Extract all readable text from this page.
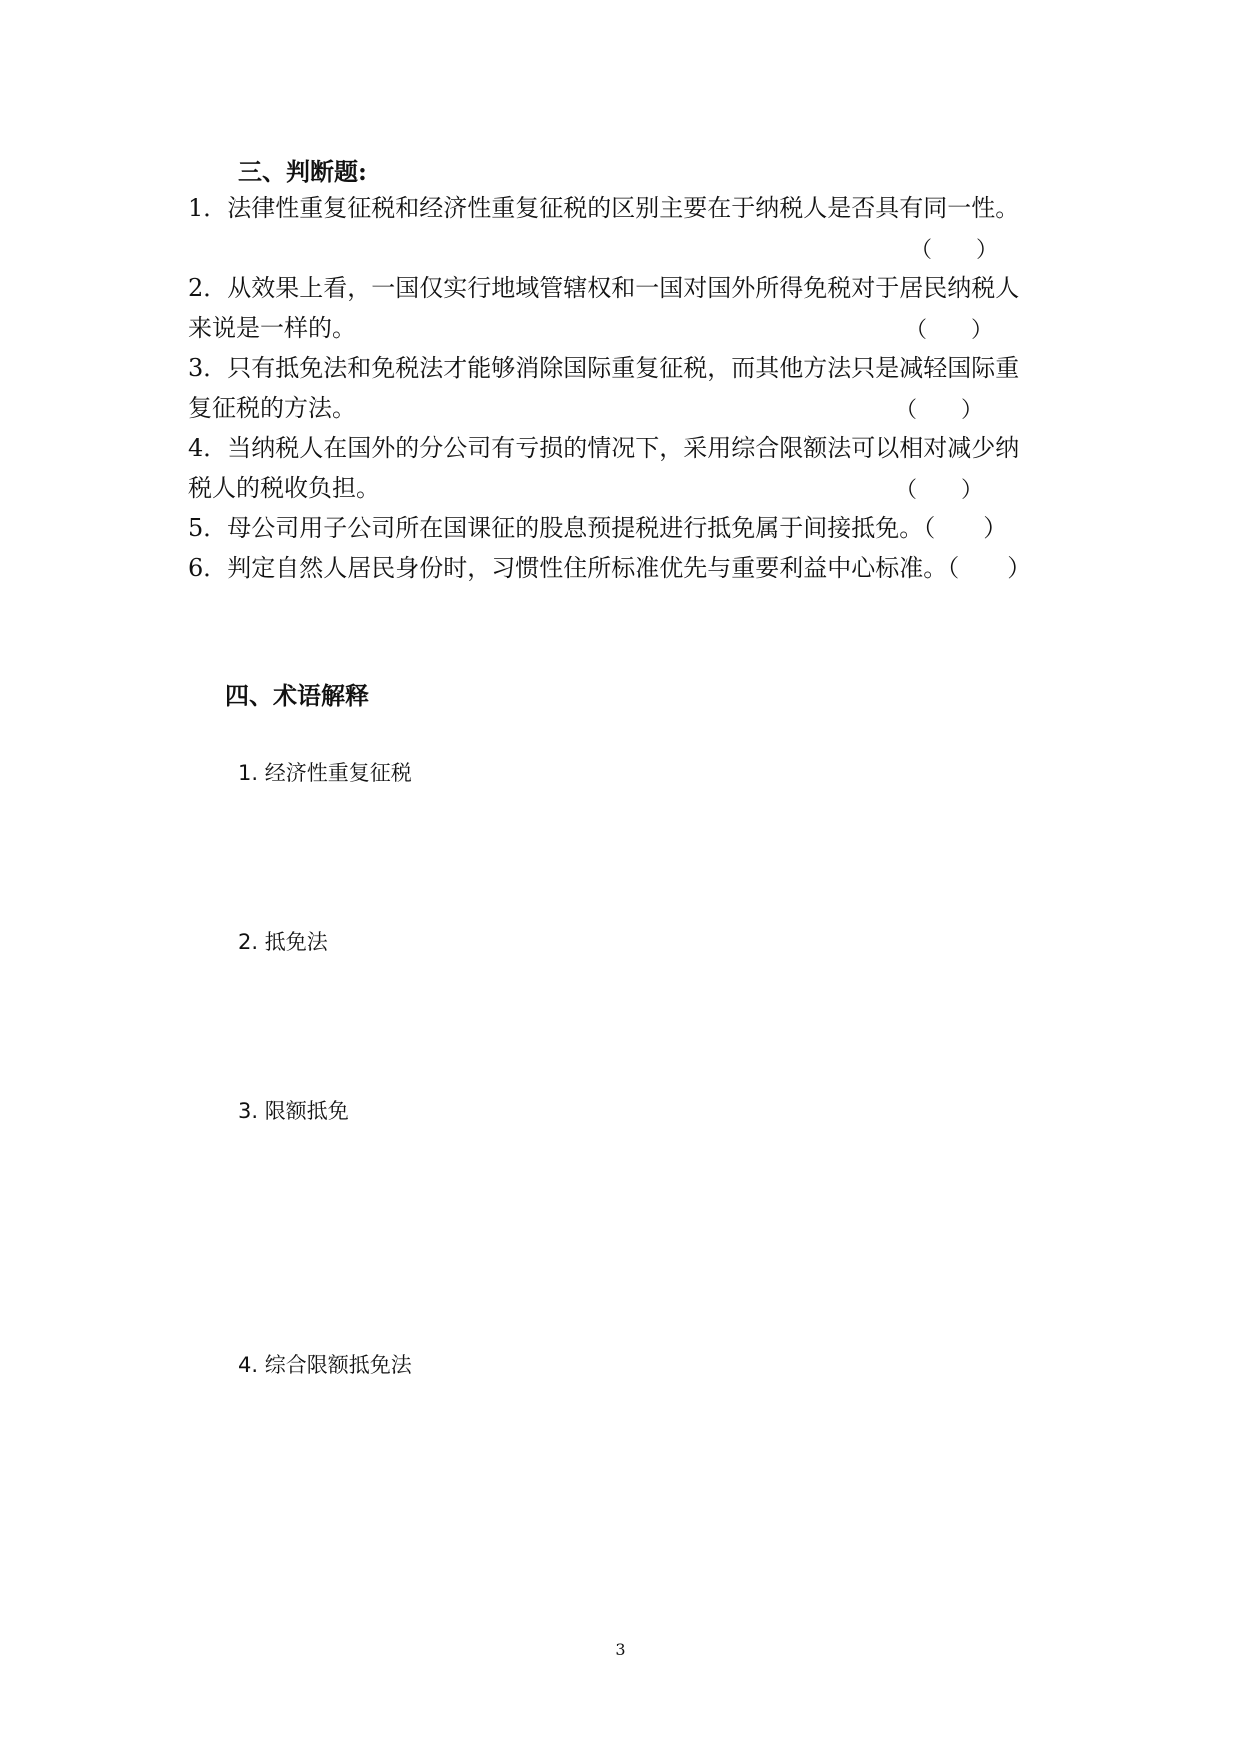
三、判断题:
1．法律性重复征税和经济性重复征税的区别主要在于纳税人是否具有同一性。
（　　）
2．从效果上看，一国仅实行地域管辖权和一国对国外所得免税对于居民纳税人
来说是一样的。	（　　）
3．只有抵免法和免税法才能够消除国际重复征税，而其他方法只是减轻国际重
复征税的方法。	（　　）
4．当纳税人在国外的分公司有亏损的情况下，采用综合限额法可以相对减少纳
税人的税收负担。	（　　）
5．母公司用子公司所在国课征的股息预提税进行抵免属于间接抵免。（　　）
6．判定自然人居民身份时，习惯性住所标准优先与重要利益中心标准。（　　）
四、术语解释
1. 经济性重复征税
2. 抵免法
3. 限额抵免
4. 综合限额抵免法
3
